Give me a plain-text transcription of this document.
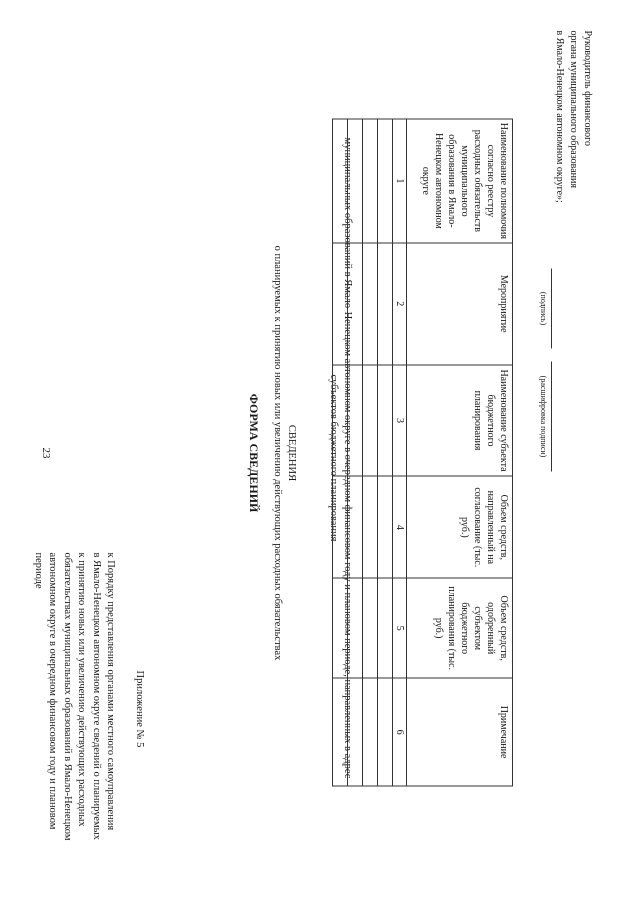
23
Приложение № 5
к Порядку представления органами местного самоуправления
в Ямало-Ненецком автономном округе сведений о планируемых
к принятию новых или увеличению действующих расходных
обязательствах муниципальных образований в Ямало-Ненецком
автономном округе в очередном финансовом году и плановом
периоде
ФОРМА СВЕДЕНИЙ СВЕДЕНИЯ
о планируемых к принятию новых или увеличению действующих расходных обязательствах	муниципальных образований в Ямало-Ненецком автономном округе в очередном финансовом году и плановом периоде, направленных в адрес
субъектов бюджетного планирования
Наименование полномочия согласно реестру расходных обязательств муниципального образования в Ямало-Ненецком автономном округе	Мероприятие	Наименование субъекта бюджетного планирования	Объем средств, направленный на согласование (тыс. руб.)	Объем средств, одобренный субъектом бюджетного планирования (тыс. руб.)	Примечание
1	2	3	4	5	6

Руководитель финансового
органа муниципального образования
в Ямало-Ненецком автономном округе»;
(подпись)
(расшифровка подписи)
